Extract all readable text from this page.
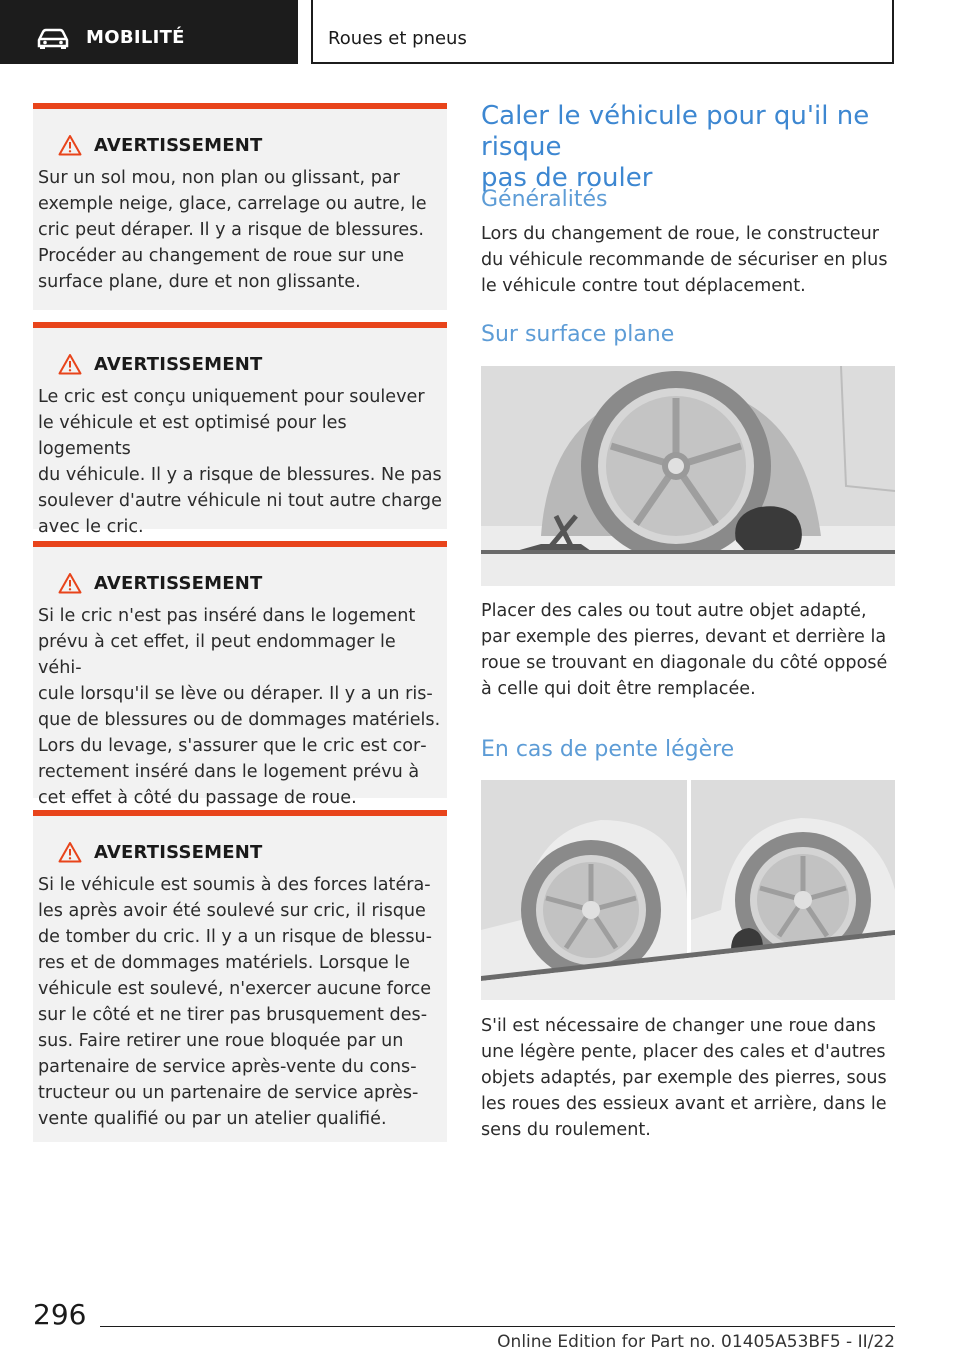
MOBILITÉ	Roues et pneus
AVERTISSEMENT
Sur un sol mou, non plan ou glissant, par
exemple neige, glace, carrelage ou autre, le
cric peut déraper. Il y a risque de blessures.
Procéder au changement de roue sur une
surface plane, dure et non glissante.
AVERTISSEMENT
Le cric est conçu uniquement pour soulever
le véhicule et est optimisé pour les logements
du véhicule. Il y a risque de blessures. Ne pas
soulever d'autre véhicule ni tout autre charge
avec le cric.
AVERTISSEMENT
Si le cric n'est pas inséré dans le logement
prévu à cet effet, il peut endommager le véhi‐
cule lorsqu'il se lève ou déraper. Il y a un ris‐
que de blessures ou de dommages matériels.
Lors du levage, s'assurer que le cric est cor‐
rectement inséré dans le logement prévu à
cet effet à côté du passage de roue.
AVERTISSEMENT
Si le véhicule est soumis à des forces latéra‐
les après avoir été soulevé sur cric, il risque
de tomber du cric. Il y a un risque de blessu‐
res et de dommages matériels. Lorsque le
véhicule est soulevé, n'exercer aucune force
sur le côté et ne tirer pas brusquement des‐
sus. Faire retirer une roue bloquée par un
partenaire de service après-vente du cons‐
tructeur ou un partenaire de service après-
vente qualifié ou par un atelier qualifié.
Caler le véhicule pour qu'il ne risque
pas de rouler
Généralités
Lors du changement de roue, le constructeur
du véhicule recommande de sécuriser en plus
le véhicule contre tout déplacement.
Sur surface plane
Placer des cales ou tout autre objet adapté,
par exemple des pierres, devant et derrière la
roue se trouvant en diagonale du côté opposé
à celle qui doit être remplacée.
En cas de pente légère
S'il est nécessaire de changer une roue dans
une légère pente, placer des cales et d'autres
objets adaptés, par exemple des pierres, sous
les roues des essieux avant et arrière, dans le
sens du roulement.
296
Online Edition for Part no. 01405A53BF5 - II/22
